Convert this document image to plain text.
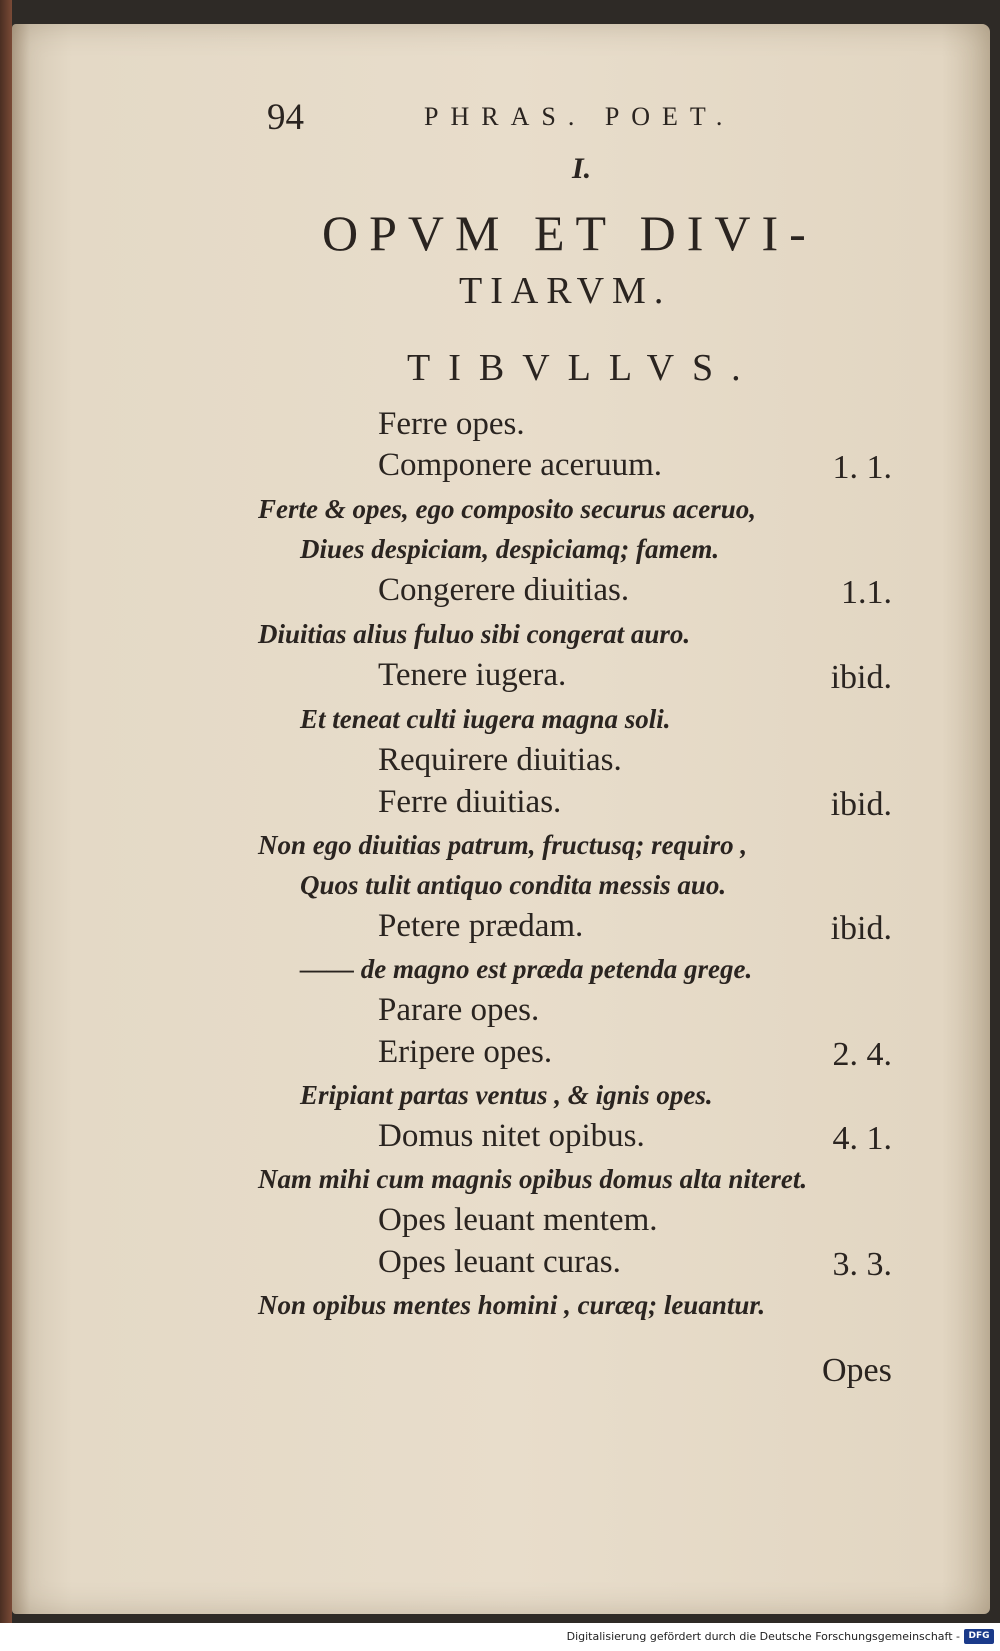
94	PHRAS. POET.
I.
OPVM ET DIVI-
TIARVM.
TIBVLLVS.
Ferre opes.
Componere aceruum.	1. 1.
Ferte & opes, ego composito securus aceruo,
Diues despiciam, despiciamq; famem.
Congerere diuitias.	1.1.
Diuitias alius fuluo sibi congerat auro.
Tenere iugera.	ibid.
Et teneat culti iugera magna soli.
Requirere diuitias.
Ferre diuitias.	ibid.
Non ego diuitias patrum, fructusq; requiro ,
Quos tulit antiquo condita messis auo.
Petere prædam.	ibid.
—— de magno est præda petenda grege.
Parare opes.
Eripere opes.	2. 4.
Eripiant partas ventus , & ignis opes.
Domus nitet opibus.	4. 1.
Nam mihi cum magnis opibus domus alta niteret.
Opes leuant mentem.
Opes leuant curas.	3. 3.
Non opibus mentes homini , curæq; leuantur.
Opes
Digitalisierung gefördert durch die Deutsche Forschungsgemeinschaft - DFG
